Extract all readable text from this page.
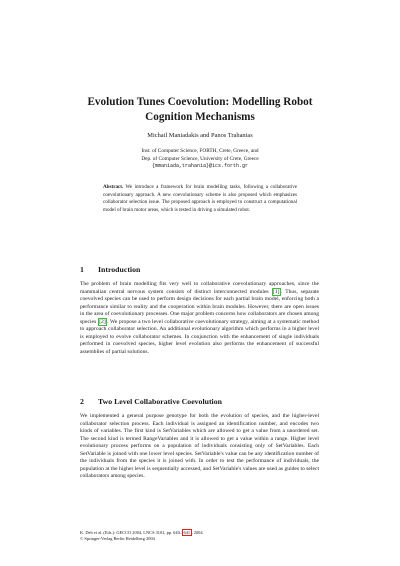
Evolution Tunes Coevolution: Modelling Robot
Cognition Mechanisms
Michail Maniadakis and Panos Trahanias
Inst. of Computer Science, FORTH, Crete, Greece, and
Dep. of Computer Science, University of Crete, Greece
{mmaniada,trahania}@ics.forth.gr
Abstract. We introduce a framework for brain modelling tasks, following a collaborative coevolutionary approach. A new coevolutionary scheme is also proposed which emphasizes collaborator selection issue. The proposed approach is employed to construct a computational model of brain motor areas, which is tested in driving a simulated robot.
1 Introduction
The problem of brain modelling fits very well to collaborative coevolutionary approaches, since the mammalian central nervous system consists of distinct interconnected modules [1] . Thus, separate coevolved species can be used to perform design decisions for each partial brain model, enforcing both a performance similar to reality and the cooperation within brain modules. However, there are open issues in the area of coevolutionary processes. One major problem concerns how collaborators are chosen among species [2] . We propose a two level collaborative coevolutionary strategy, aiming at a systematic method to approach collaborator selection. An additional evolutionary algorithm which performs in a higher level is employed to evolve collaborator schemes. In conjunction with the enhancement of single individuals performed in coevolved species, higher level evolution also performs the enhancement of successful assemblies of partial solutions.
2 Two Level Collaborative Coevolution
We implemented a general purpose genotype for both the evolution of species, and the higher-level collaborator selection process. Each individual is assigned an identification number, and encodes two kinds of variables. The first kind is SetVariables which are allowed to get a value from a unordered set. The second kind is termed RangeVariables and it is allowed to get a value within a range. Higher level evolutionary process performs on a population of individuals consisting only of SetVariables. Each SetVariable is joined with one lower level species. SetVariable's value can be any identification number of the individuals from the species it is joined with. In order to test the performance of individuals, the population at the higher level is sequentially accessed, and SetVariable's values are used as guides to select collaborators among species.
K. Deb et al. (Eds.): GECCO 2004, LNCS 3102, pp. 640– 641 , 2004.
© Springer-Verlag Berlin Heidelberg 2004
